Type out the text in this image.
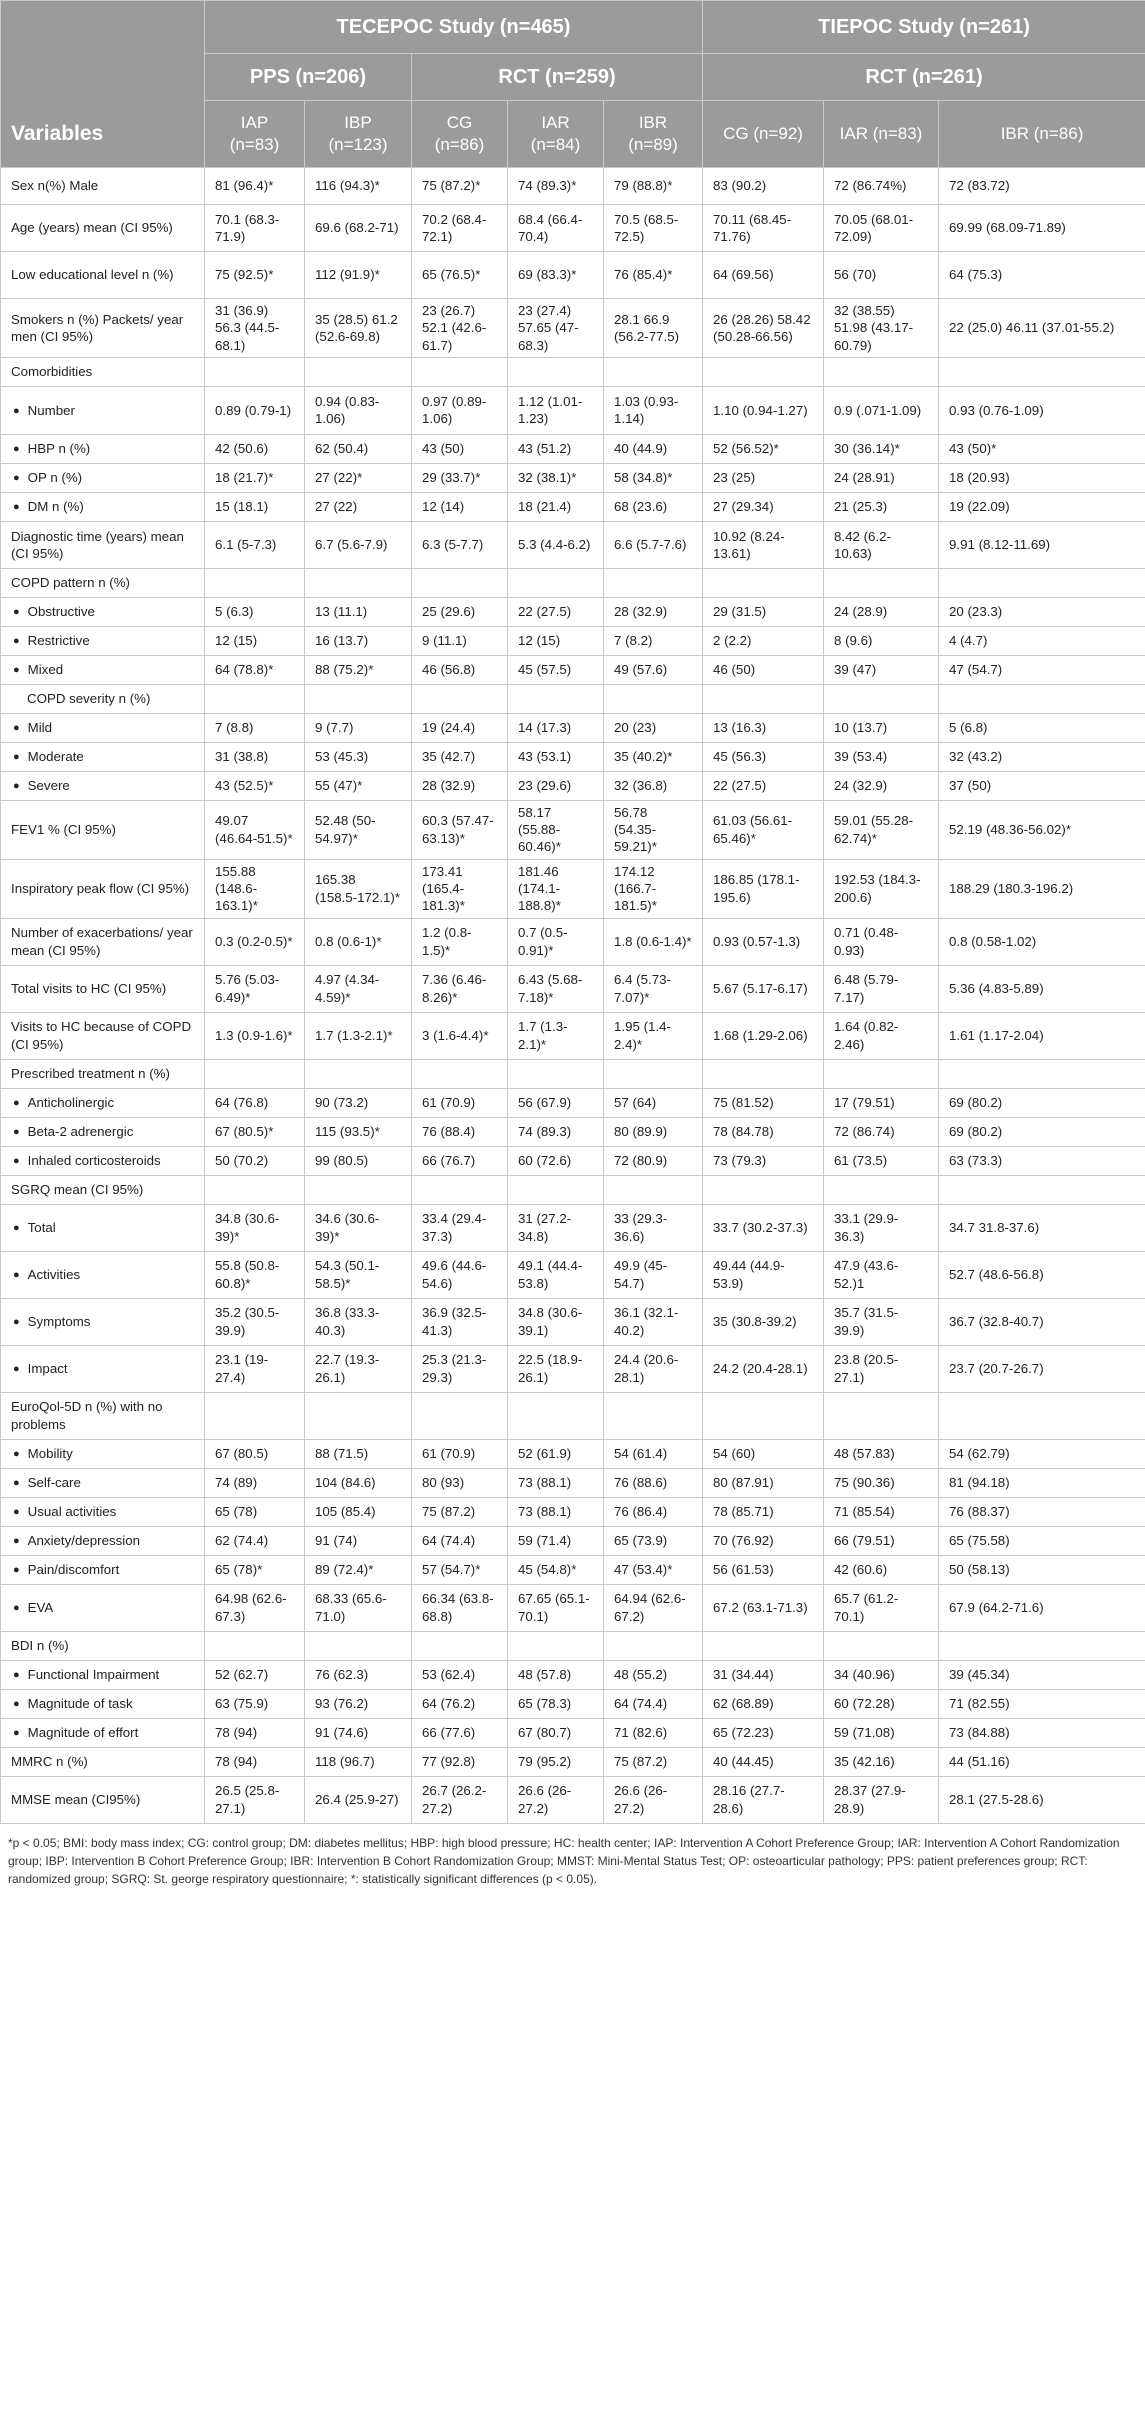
	TECEPOC Study (n=465)					TIEPOC Study (n=261)		
	PPS (n=206)		RCT (n=259)			RCT (n=261)		
Variables	IAP (n=83)	IBP (n=123)	CG (n=86)	IAR (n=84)	IBR (n=89)	CG (n=92)	IAR (n=83)	IBR (n=86)
Sex n(%) Male	81 (96.4)*	116 (94.3)*	75 (87.2)*	74 (89.3)*	79 (88.8)*	83 (90.2)	72 (86.74%)	72 (83.72)
Age (years) mean (CI 95%)	70.1 (68.3-71.9)	69.6 (68.2-71)	70.2 (68.4-72.1)	68.4 (66.4-70.4)	70.5 (68.5-72.5)	70.11 (68.45-71.76)	70.05 (68.01-72.09)	69.99 (68.09-71.89)
Low educational level n (%)	75 (92.5)*	112 (91.9)*	65 (76.5)*	69 (83.3)*	76 (85.4)*	64 (69.56)	56 (70)	64 (75.3)
Smokers n (%) Packets/ year men (CI 95%)	31 (36.9) 56.3 (44.5-68.1)	35 (28.5) 61.2 (52.6-69.8)	23 (26.7) 52.1 (42.6-61.7)	23 (27.4) 57.65 (47-68.3)	28.1 66.9 (56.2-77.5)	26 (28.26) 58.42 (50.28-66.56)	32 (38.55) 51.98 (43.17-60.79)	22 (25.0) 46.11 (37.01-55.2)
Comorbidities								
● Number	0.89 (0.79-1)	0.94 (0.83-1.06)	0.97 (0.89-1.06)	1.12 (1.01-1.23)	1.03 (0.93-1.14)	1.10 (0.94-1.27)	0.9 (.071-1.09)	0.93 (0.76-1.09)
● HBP n (%)	42 (50.6)	62 (50.4)	43 (50)	43 (51.2)	40 (44.9)	52 (56.52)*	30 (36.14)*	43 (50)*
● OP n (%)	18 (21.7)*	27 (22)*	29 (33.7)*	32 (38.1)*	58 (34.8)*	23 (25)	24 (28.91)	18 (20.93)
● DM n (%)	15 (18.1)	27 (22)	12 (14)	18 (21.4)	68 (23.6)	27 (29.34)	21 (25.3)	19 (22.09)
Diagnostic time (years) mean (CI 95%)	6.1 (5-7.3)	6.7 (5.6-7.9)	6.3 (5-7.7)	5.3 (4.4-6.2)	6.6 (5.7-7.6)	10.92 (8.24-13.61)	8.42 (6.2-10.63)	9.91 (8.12-11.69)
COPD pattern n (%)								
● Obstructive	5 (6.3)	13 (11.1)	25 (29.6)	22 (27.5)	28 (32.9)	29 (31.5)	24 (28.9)	20 (23.3)
● Restrictive	12 (15)	16 (13.7)	9 (11.1)	12 (15)	7 (8.2)	2 (2.2)	8 (9.6)	4 (4.7)
● Mixed	64 (78.8)*	88 (75.2)*	46 (56.8)	45 (57.5)	49 (57.6)	46 (50)	39 (47)	47 (54.7)
COPD severity n (%)								
● Mild	7 (8.8)	9 (7.7)	19 (24.4)	14 (17.3)	20 (23)	13 (16.3)	10 (13.7)	5 (6.8)
● Moderate	31 (38.8)	53 (45.3)	35 (42.7)	43 (53.1)	35 (40.2)*	45 (56.3)	39 (53.4)	32 (43.2)
● Severe	43 (52.5)*	55 (47)*	28 (32.9)	23 (29.6)	32 (36.8)	22 (27.5)	24 (32.9)	37 (50)
FEV1 % (CI 95%)	49.07 (46.64-51.5)*	52.48 (50-54.97)*	60.3 (57.47-63.13)*	58.17 (55.88-60.46)*	56.78 (54.35-59.21)*	61.03 (56.61-65.46)*	59.01 (55.28-62.74)*	52.19 (48.36-56.02)*
Inspiratory peak flow (CI 95%)	155.88 (148.6-163.1)*	165.38 (158.5-172.1)*	173.41 (165.4-181.3)*	181.46 (174.1-188.8)*	174.12 (166.7-181.5)*	186.85 (178.1-195.6)	192.53 (184.3-200.6)	188.29 (180.3-196.2)
Number of exacerbations/ year mean (CI 95%)	0.3 (0.2-0.5)*	0.8 (0.6-1)*	1.2 (0.8-1.5)*	0.7 (0.5-0.91)*	1.8 (0.6-1.4)*	0.93 (0.57-1.3)	0.71 (0.48-0.93)	0.8 (0.58-1.02)
Total visits to HC (CI 95%)	5.76 (5.03-6.49)*	4.97 (4.34-4.59)*	7.36 (6.46-8.26)*	6.43 (5.68-7.18)*	6.4 (5.73-7.07)*	5.67 (5.17-6.17)	6.48 (5.79-7.17)	5.36 (4.83-5.89)
Visits to HC because of COPD (CI 95%)	1.3 (0.9-1.6)*	1.7 (1.3-2.1)*	3 (1.6-4.4)*	1.7 (1.3-2.1)*	1.95 (1.4-2.4)*	1.68 (1.29-2.06)	1.64 (0.82-2.46)	1.61 (1.17-2.04)
Prescribed treatment n (%)								
● Anticholinergic	64 (76.8)	90 (73.2)	61 (70.9)	56 (67.9)	57 (64)	75 (81.52)	17 (79.51)	69 (80.2)
● Beta-2 adrenergic	67 (80.5)*	115 (93.5)*	76 (88.4)	74 (89.3)	80 (89.9)	78 (84.78)	72 (86.74)	69 (80.2)
● Inhaled corticosteroids	50 (70.2)	99 (80.5)	66 (76.7)	60 (72.6)	72 (80.9)	73 (79.3)	61 (73.5)	63 (73.3)
SGRQ mean (CI 95%)								
● Total	34.8 (30.6-39)*	34.6 (30.6-39)*	33.4 (29.4-37.3)	31 (27.2-34.8)	33 (29.3-36.6)	33.7 (30.2-37.3)	33.1 (29.9-36.3)	34.7 31.8-37.6)
● Activities	55.8 (50.8-60.8)*	54.3 (50.1-58.5)*	49.6 (44.6-54.6)	49.1 (44.4-53.8)	49.9 (45-54.7)	49.44 (44.9-53.9)	47.9 (43.6-52.)1	52.7 (48.6-56.8)
● Symptoms	35.2 (30.5-39.9)	36.8 (33.3-40.3)	36.9 (32.5-41.3)	34.8 (30.6-39.1)	36.1 (32.1-40.2)	35 (30.8-39.2)	35.7 (31.5-39.9)	36.7 (32.8-40.7)
● Impact	23.1 (19-27.4)	22.7 (19.3-26.1)	25.3 (21.3-29.3)	22.5 (18.9-26.1)	24.4 (20.6-28.1)	24.2 (20.4-28.1)	23.8 (20.5-27.1)	23.7 (20.7-26.7)
EuroQol-5D n (%) with no problems								
● Mobility	67 (80.5)	88 (71.5)	61 (70.9)	52 (61.9)	54 (61.4)	54 (60)	48 (57.83)	54 (62.79)
● Self-care	74 (89)	104 (84.6)	80 (93)	73 (88.1)	76 (88.6)	80 (87.91)	75 (90.36)	81 (94.18)
● Usual activities	65 (78)	105 (85.4)	75 (87.2)	73 (88.1)	76 (86.4)	78 (85.71)	71 (85.54)	76 (88.37)
● Anxiety/depression	62 (74.4)	91 (74)	64 (74.4)	59 (71.4)	65 (73.9)	70 (76.92)	66 (79.51)	65 (75.58)
● Pain/discomfort	65 (78)*	89 (72.4)*	57 (54.7)*	45 (54.8)*	47 (53.4)*	56 (61.53)	42 (60.6)	50 (58.13)
● EVA	64.98 (62.6-67.3)	68.33 (65.6-71.0)	66.34 (63.8-68.8)	67.65 (65.1-70.1)	64.94 (62.6-67.2)	67.2 (63.1-71.3)	65.7 (61.2-70.1)	67.9 (64.2-71.6)
BDI n (%)								
● Functional Impairment	52 (62.7)	76 (62.3)	53 (62.4)	48 (57.8)	48 (55.2)	31 (34.44)	34 (40.96)	39 (45.34)
● Magnitude of task	63 (75.9)	93 (76.2)	64 (76.2)	65 (78.3)	64 (74.4)	62 (68.89)	60 (72.28)	71 (82.55)
● Magnitude of effort	78 (94)	91 (74.6)	66 (77.6)	67 (80.7)	71 (82.6)	65 (72.23)	59 (71.08)	73 (84.88)
MMRC n (%)	78 (94)	118 (96.7)	77 (92.8)	79 (95.2)	75 (87.2)	40 (44.45)	35 (42.16)	44 (51.16)
MMSE mean (CI95%)	26.5 (25.8-27.1)	26.4 (25.9-27)	26.7 (26.2-27.2)	26.6 (26-27.2)	26.6 (26-27.2)	28.16 (27.7-28.6)	28.37 (27.9-28.9)	28.1 (27.5-28.6)
*p < 0.05; BMI: body mass index; CG: control group; DM: diabetes mellitus; HBP: high blood pressure; HC: health center; IAP: Intervention A Cohort Preference Group; IAR: Intervention A Cohort Randomization group; IBP: Intervention B Cohort Preference Group; IBR: Intervention B Cohort Randomization Group; MMST: Mini-Mental Status Test; OP: osteoarticular pathology; PPS: patient preferences group; RCT: randomized group; SGRQ: St. george respiratory questionnaire; *: statistically significant differences (p < 0.05).
